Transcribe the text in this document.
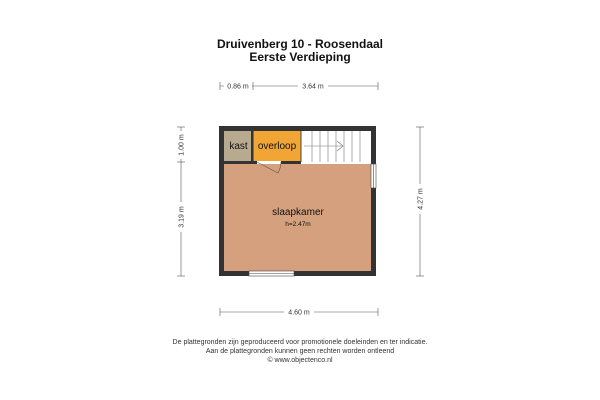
Druivenberg 10 - Roosendaal
Eerste Verdieping
0.86 m	3.64 m
1.00 m
3.19 m
4.27 m
4.60 m
kast overloop
slaapkamer
h=2.47m
De plattegronden zijn geproduceerd voor promotionele doeleinden en ter indicatie.
Aan de plattegronden kunnen geen rechten worden ontleend
© www.objectenco.nl
